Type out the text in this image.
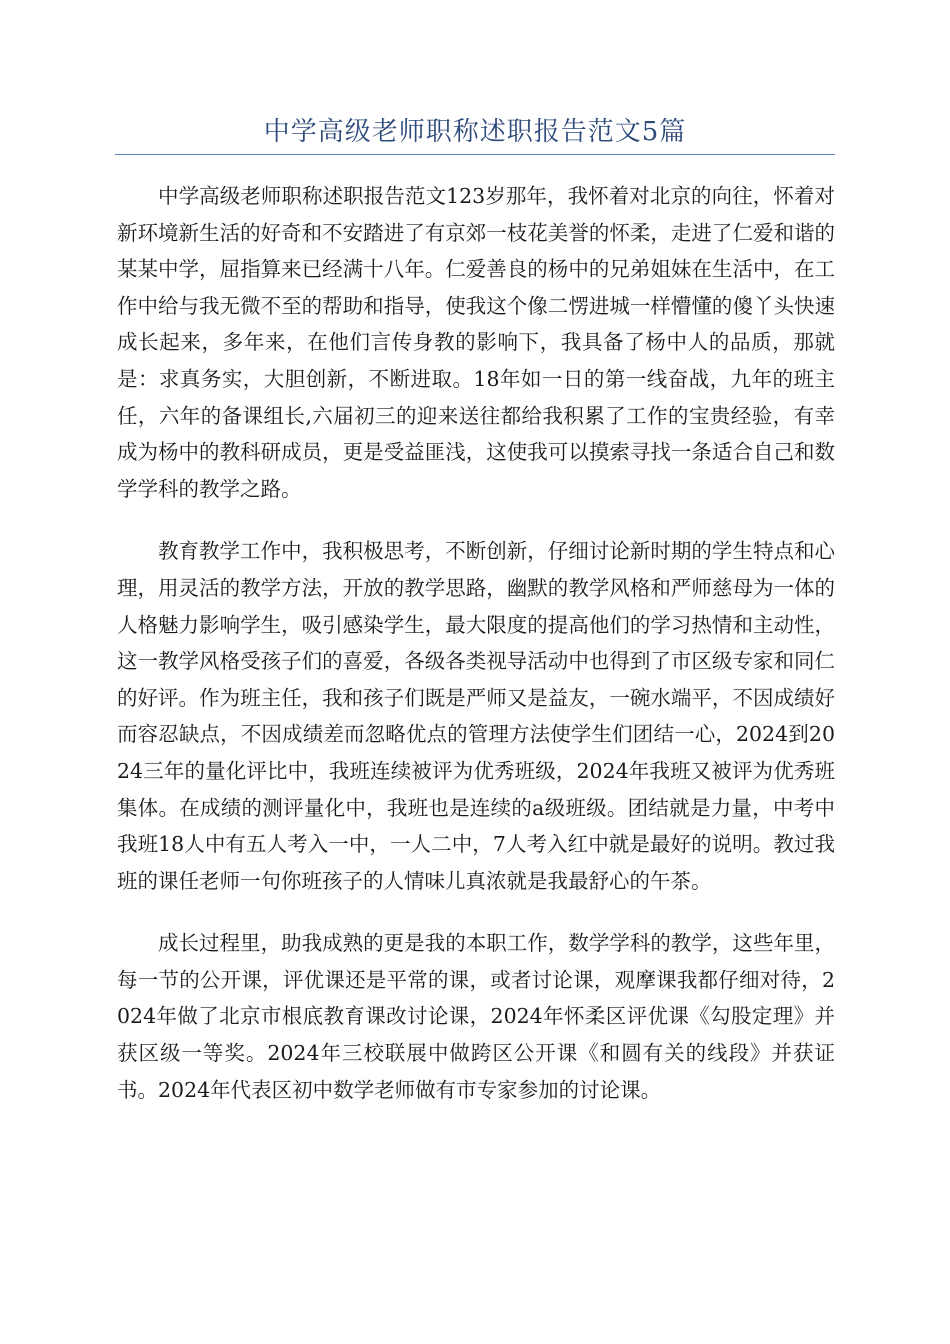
中学高级老师职称述职报告范文5篇

中学高级老师职称述职报告范文123岁那年，我怀着对北京的向往，怀着对新环境新生活的好奇和不安踏进了有京郊一枝花美誉的怀柔，走进了仁爱和谐的某某中学，屈指算来已经满十八年。仁爱善良的杨中的兄弟姐妹在生活中，在工作中给与我无微不至的帮助和指导，使我这个像二愣进城一样懵懂的傻丫头快速成长起来，多年来，在他们言传身教的影响下，我具备了杨中人的品质，那就是：求真务实，大胆创新，不断进取。18年如一日的第一线奋战，九年的班主任，六年的备课组长,六届初三的迎来送往都给我积累了工作的宝贵经验，有幸成为杨中的教科研成员，更是受益匪浅，这使我可以摸索寻找一条适合自己和数学学科的教学之路。

教育教学工作中，我积极思考，不断创新，仔细讨论新时期的学生特点和心理，用灵活的教学方法，开放的教学思路，幽默的教学风格和严师慈母为一体的人格魅力影响学生，吸引感染学生，最大限度的提高他们的学习热情和主动性，这一教学风格受孩子们的喜爱，各级各类视导活动中也得到了市区级专家和同仁的好评。作为班主任，我和孩子们既是严师又是益友，一碗水端平，不因成绩好而容忍缺点，不因成绩差而忽略优点的管理方法使学生们团结一心，2024到2024三年的量化评比中，我班连续被评为优秀班级，2024年我班又被评为优秀班集体。在成绩的测评量化中，我班也是连续的a级班级。团结就是力量，中考中我班18人中有五人考入一中，一人二中，7人考入红中就是最好的说明。教过我班的课任老师一句你班孩子的人情味儿真浓就是我最舒心的午茶。

成长过程里，助我成熟的更是我的本职工作，数学学科的教学，这些年里，每一节的公开课，评优课还是平常的课，或者讨论课，观摩课我都仔细对待，2024年做了北京市根底教育课改讨论课，2024年怀柔区评优课《勾股定理》并获区级一等奖。2024年三校联展中做跨区公开课《和圆有关的线段》并获证书。2024年代表区初中数学老师做有市专家参加的讨论课。
